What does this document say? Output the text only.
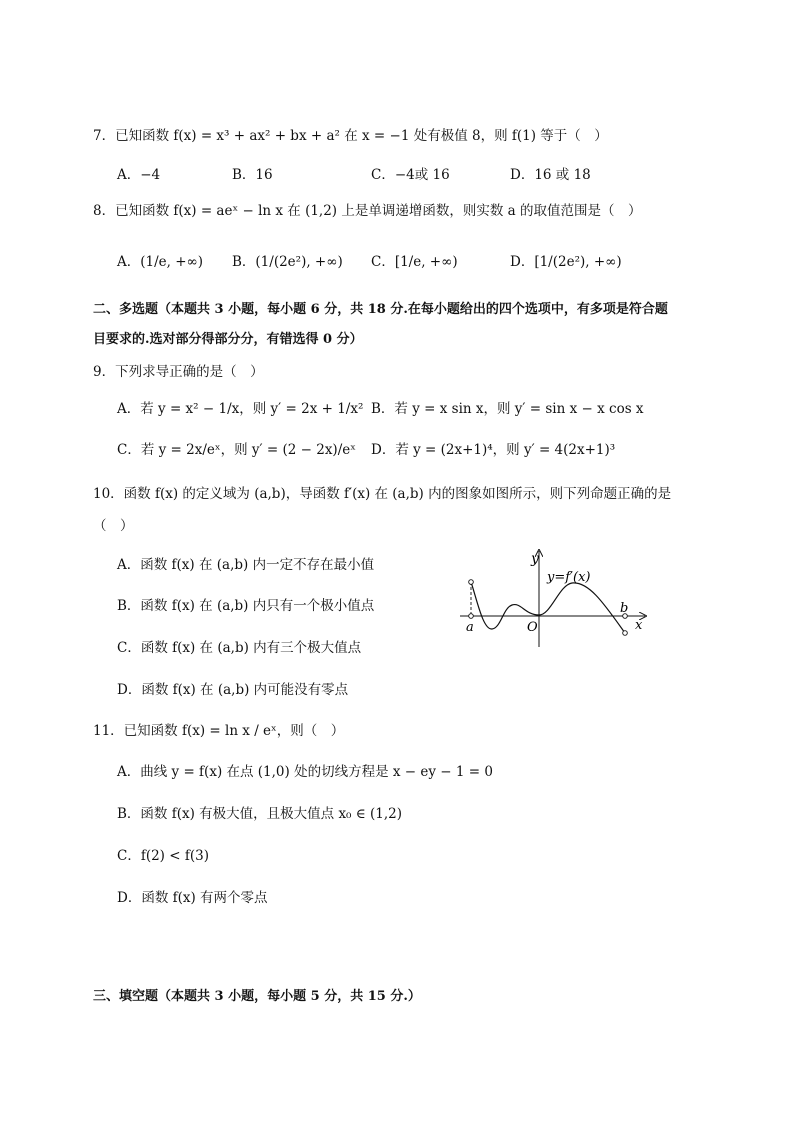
7．已知函数 f(x) = x³ + ax² + bx + a² 在 x = −1 处有极值 8，则 f(1) 等于（　）
A．−4	B．16	C．−4或 16	D．16 或 18
8．已知函数 f(x) = aeˣ − ln x 在 (1,2) 上是单调递增函数，则实数 a 的取值范围是（　）
A．(1/e, +∞) B．(1/(2e²), +∞) C．[1/e, +∞)	D．[1/(2e²), +∞)
二、多选题（本题共 3 小题，每小题 6 分，共 18 分.在每小题给出的四个选项中，有多项是符合题
目要求的.选对部分得部分分，有错选得 0 分）
9．下列求导正确的是（　）
A．若 y = x² − 1/x，则 y′ = 2x + 1/x² B．若 y = x sin x，则 y′ = sin x − x cos x
C．若 y = 2x/eˣ，则 y′ = (2 − 2x)/eˣ D．若 y = (2x+1)⁴，则 y′ = 4(2x+1)³
10．函数 f(x) 的定义域为 (a,b)，导函数 f′(x) 在 (a,b) 内的图象如图所示，则下列命题正确的是
（　）
A．函数 f(x) 在 (a,b) 内一定不存在最小值
B．函数 f(x) 在 (a,b) 内只有一个极小值点
C．函数 f(x) 在 (a,b) 内有三个极大值点
D．函数 f(x) 在 (a,b) 内可能没有零点
y
x
y=f′(x)
O
a
b
11．已知函数 f(x) = ln x / eˣ，则（　）
A．曲线 y = f(x) 在点 (1,0) 处的切线方程是 x − ey − 1 = 0
B．函数 f(x) 有极大值，且极大值点 x₀ ∈ (1,2)
C．f(2) < f(3)
D．函数 f(x) 有两个零点
三、填空题（本题共 3 小题，每小题 5 分，共 15 分.）
